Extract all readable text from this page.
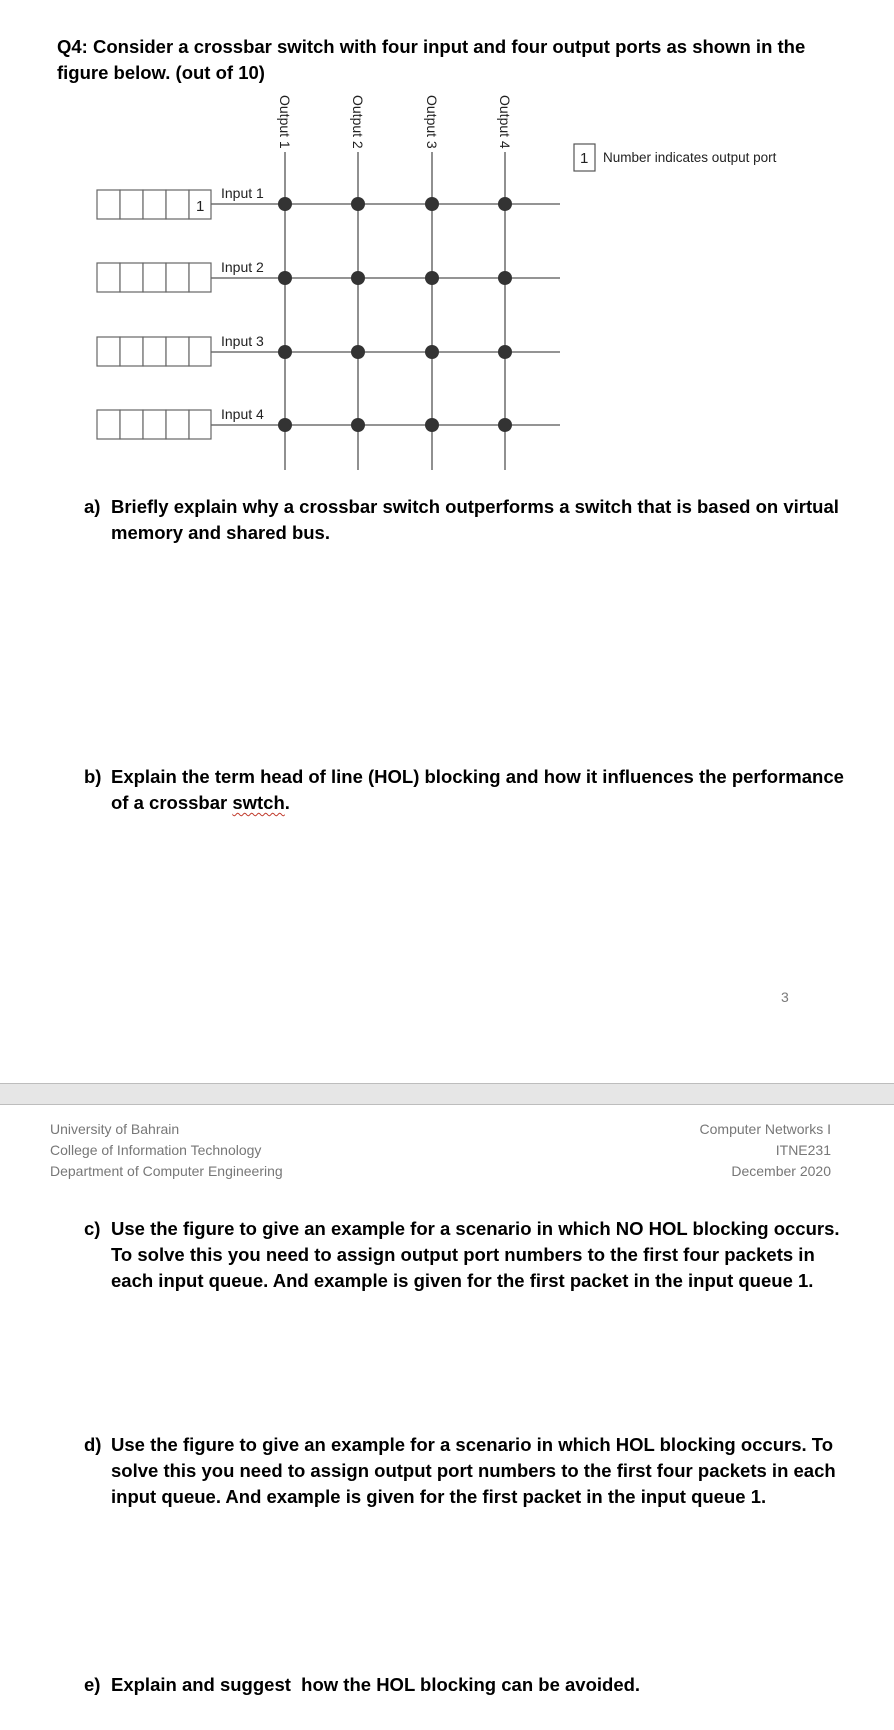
Q4: Consider a crossbar switch with four input and four output ports as shown in the
figure below. (out of 10)
Output 1	Output 2	Output 3	Output 4
Input 1
Input 2
Input 3
Input 4
1
1 Number indicates output port
a) Briefly explain why a crossbar switch outperforms a switch that is based on virtual
memory and shared bus.
b) Explain the term head of line (HOL) blocking and how it influences the performance
of a crossbar swtch.
3
University of Bahrain
College of Information Technology
Department of Computer Engineering
Computer Networks I
ITNE231
December 2020
c) Use the figure to give an example for a scenario in which NO HOL blocking occurs.
To solve this you need to assign output port numbers to the first four packets in
each input queue. And example is given for the first packet in the input queue 1.
d) Use the figure to give an example for a scenario in which HOL blocking occurs. To
solve this you need to assign output port numbers to the first four packets in each
input queue. And example is given for the first packet in the input queue 1.
e) Explain and suggest  how the HOL blocking can be avoided.
